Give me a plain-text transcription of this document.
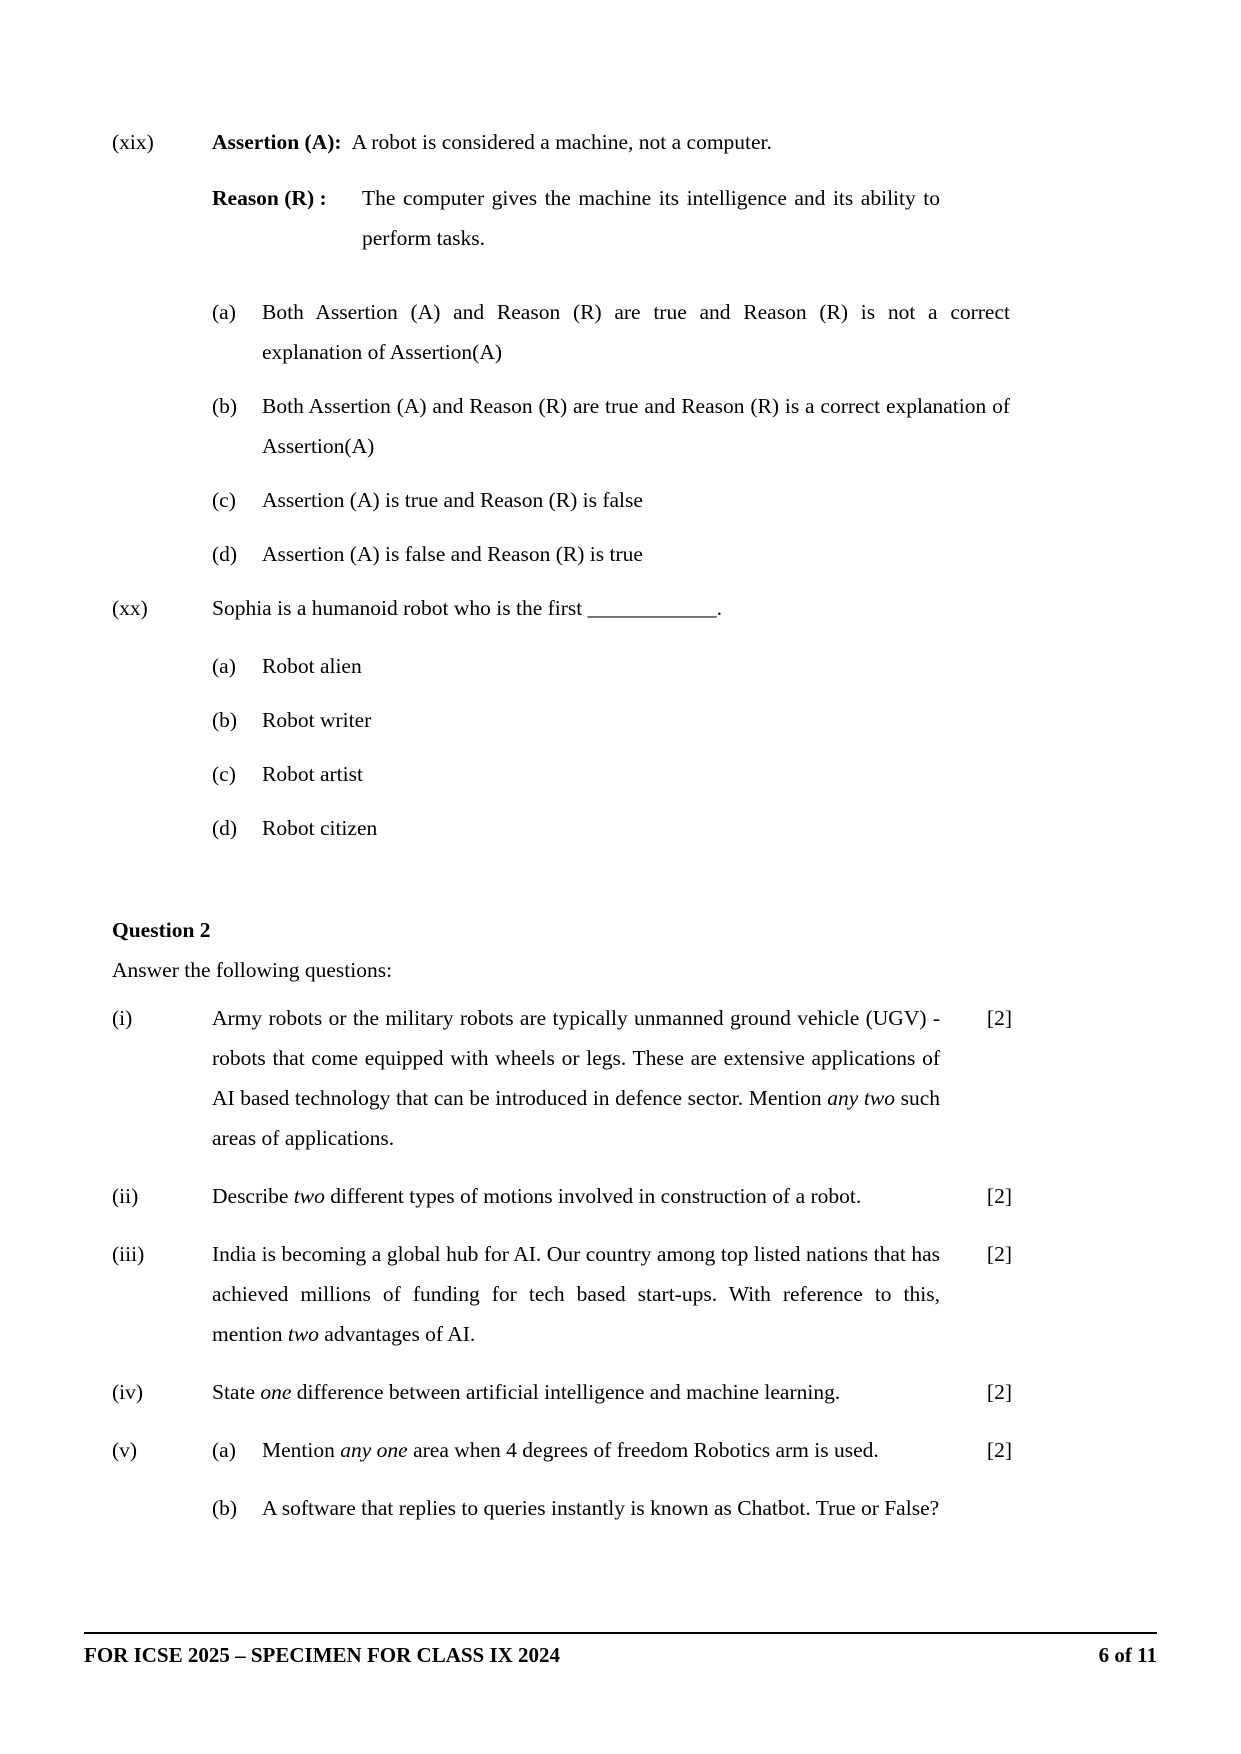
(xix)	Assertion (A): A robot is considered a machine, not a computer.
Reason (R) :	The computer gives the machine its intelligence and its ability to perform tasks.
(a)	Both Assertion (A) and Reason (R) are true and Reason (R) is not a correct explanation of Assertion(A)
(b)	Both Assertion (A) and Reason (R) are true and Reason (R) is a correct explanation of Assertion(A)
(c)	Assertion (A) is true and Reason (R) is false
(d)	Assertion (A) is false and Reason (R) is true
(xx)	Sophia is a humanoid robot who is the first ____________.
(a)	Robot alien
(b)	Robot writer
(c)	Robot artist
(d)	Robot citizen
Question 2
Answer the following questions:
(i)	Army robots or the military robots are typically unmanned ground vehicle (UGV) - robots that come equipped with wheels or legs. These are extensive applications of AI based technology that can be introduced in defence sector. Mention any two such areas of applications.
[2]
(ii)	Describe two different types of motions involved in construction of a robot.	[2]
(iii)	India is becoming a global hub for AI. Our country among top listed nations that has achieved millions of funding for tech based start-ups. With reference to this, mention two advantages of AI.
[2]
(iv)	State one difference between artificial intelligence and machine learning.	[2]
(v)	(a)	Mention any one area when 4 degrees of freedom Robotics arm is used.	[2]
(b)	A software that replies to queries instantly is known as Chatbot. True or False?
FOR ICSE 2025 – SPECIMEN FOR CLASS IX 2024	6 of 11
